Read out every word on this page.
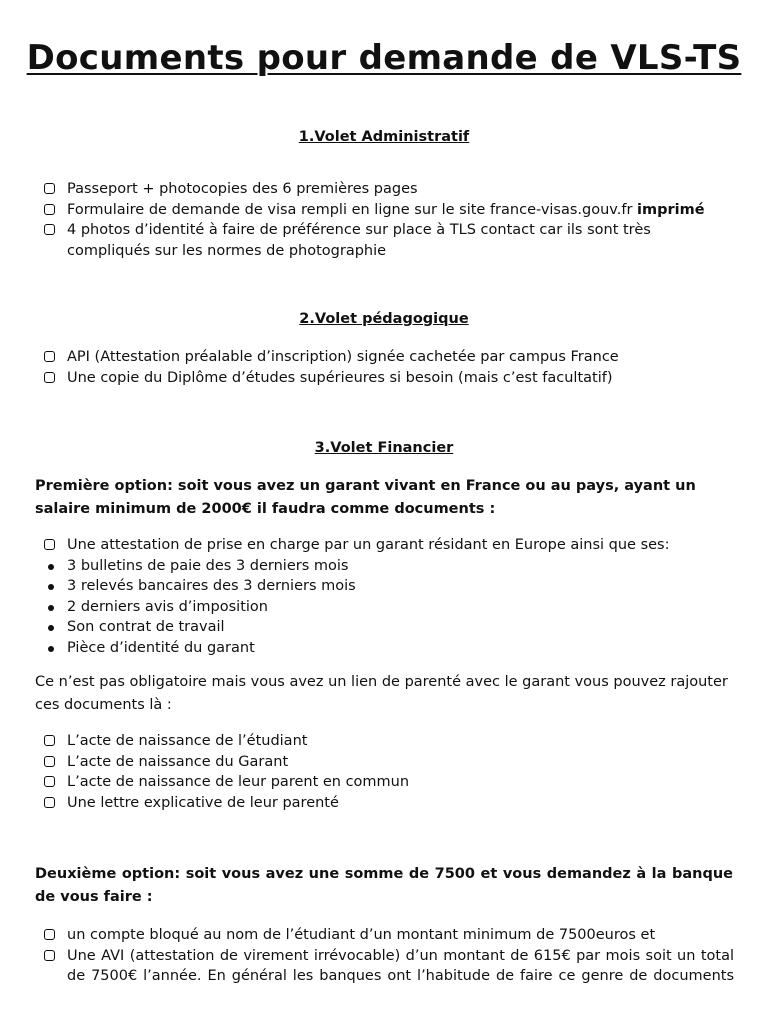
Documents pour demande de VLS-TS

1.Volet Administratif

Passeport + photocopies des 6 premières pages
Formulaire de demande de visa rempli en ligne sur le site france-visas.gouv.fr imprimé
4 photos d’identité à faire de préférence sur place à TLS contact car ils sont très compliqués sur les normes de photographie

2.Volet pédagogique

API (Attestation préalable d’inscription) signée cachetée par campus France
Une copie du Diplôme d’études supérieures si besoin (mais c’est facultatif)

3.Volet Financier

Première option: soit vous avez un garant vivant en France ou au pays, ayant un salaire minimum de 2000€ il faudra comme documents :

Une attestation de prise en charge par un garant résidant en Europe ainsi que ses:
3 bulletins de paie des 3 derniers mois
3 relevés bancaires des 3 derniers mois
2 derniers avis d’imposition
Son contrat de travail
Pièce d’identité du garant

Ce n’est pas obligatoire mais vous avez un lien de parenté avec le garant vous pouvez rajouter ces documents là :

L’acte de naissance de l’étudiant
L’acte de naissance du Garant
L’acte de naissance de leur parent en commun
Une lettre explicative de leur parenté

Deuxième option: soit vous avez une somme de 7500 et vous demandez à la banque de vous faire :

un compte bloqué au nom de l’étudiant d’un montant minimum de 7500euros et
Une AVI (attestation de virement irrévocable) d’un montant de 615€ par mois soit un total de 7500€ l’année. En général les banques ont l’habitude de faire ce genre de documents
